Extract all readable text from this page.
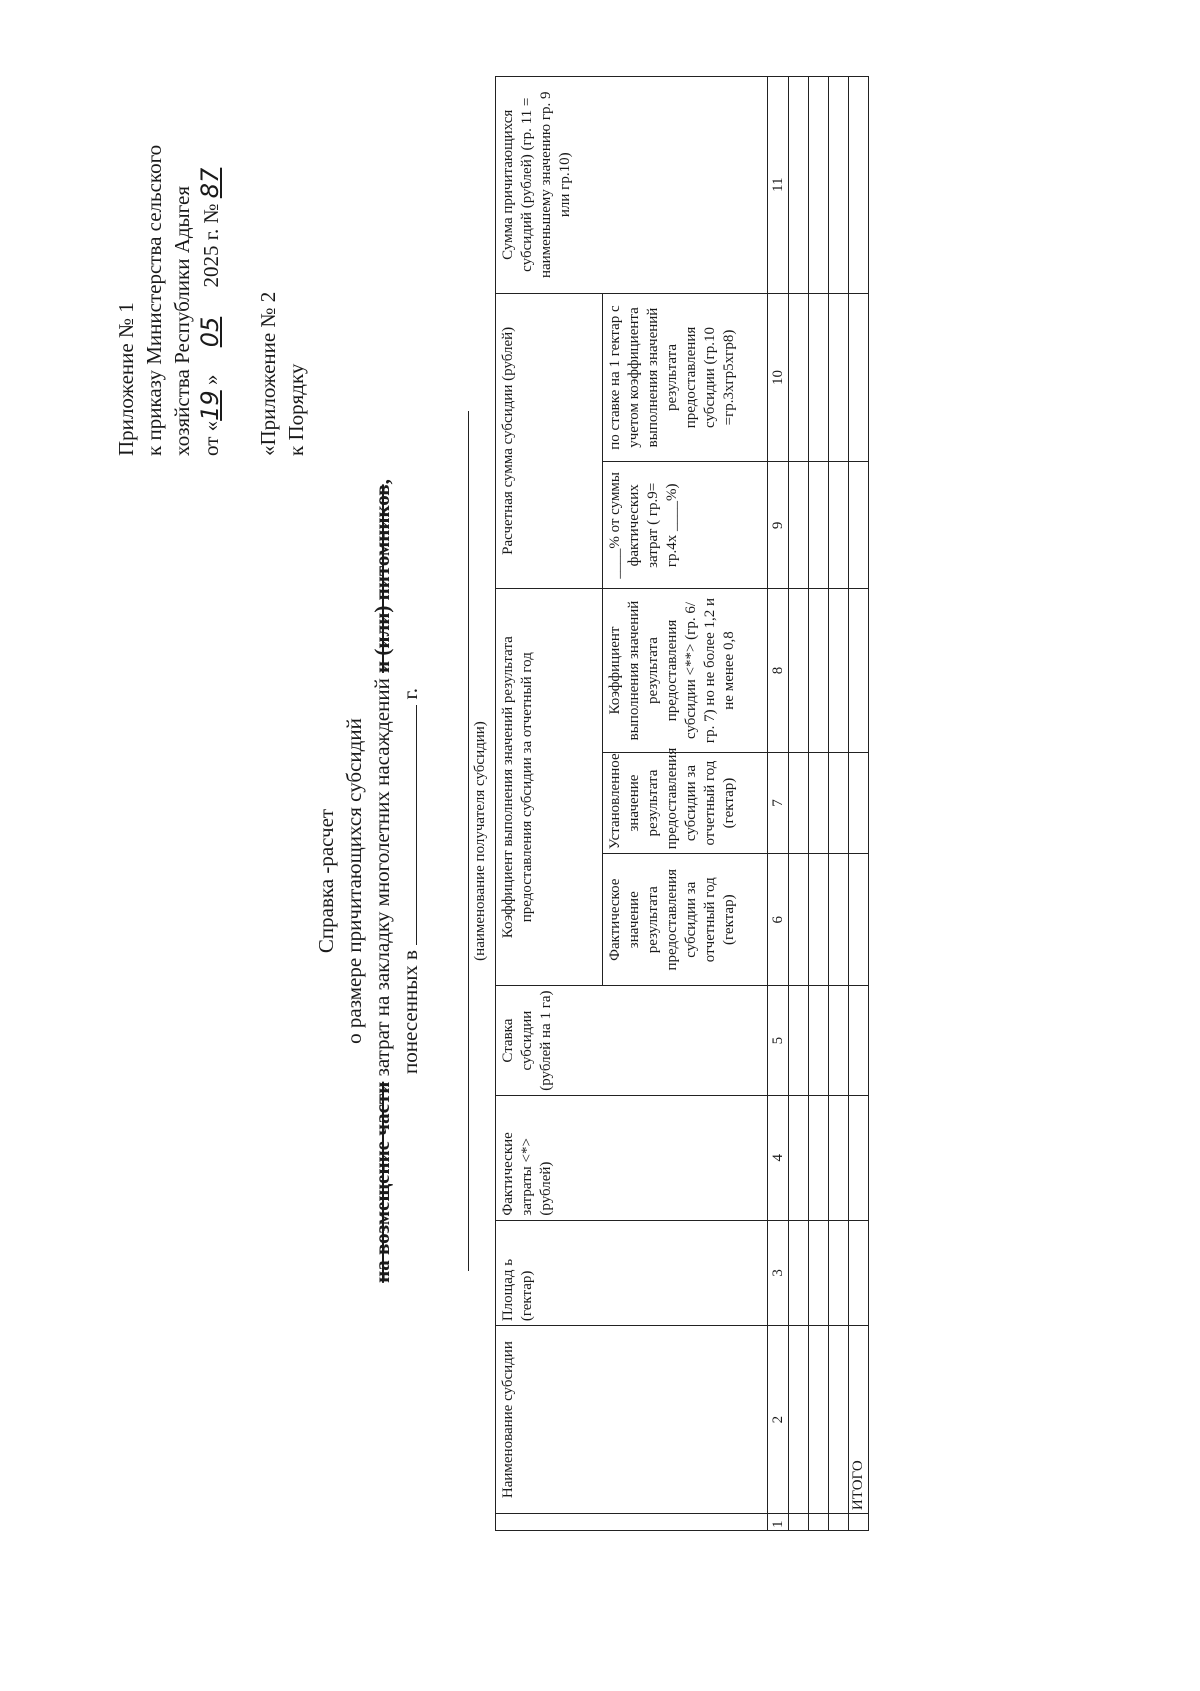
Приложение № 1 к приказу Министерства сельского хозяйства Республики Адыгея от «19 » 05 2025 г. № 87
«Приложение № 2 к Порядку
Справка -расчет о размере причитающихся субсидий
на возмещение части затрат на закладку многолетних насаждений и (или) питомников,
понесенных в  г.
(наименование получателя субсидии)
	Наименование субсидии	Площад ь (гектар)	Фактические затраты <*> (рублей)	Ставка субсидии (рублей на 1 га)	Коэффициент выполнения значений результата предоставления субсидии за отчетный год			Расчетная сумма субсидии (рублей)		Сумма причитающихся субсидий (рублей) (гр. 11 = наименьшему значению гр. 9 или гр.10)
					Фактическое значение результата предоставления субсидии за отчетный год (гектар)	Установленное значение результата предоставления субсидии за отчетный год (гектар)	Коэффициент выполнения значений результата предоставления субсидии <**> (гр. 6/ гр. 7) но не более 1,2 и не менее 0,8	____% от суммы фактических затрат ( гр.9= гр.4х ____%)	по ставке на 1 гектар с учетом коэффициента выполнения значений результата предоставления субсидии (гр.10 =гр.3хгр5хгр8)	
1	2	3	4	5	6	7	8	9	10	11

	ИТОГО									
